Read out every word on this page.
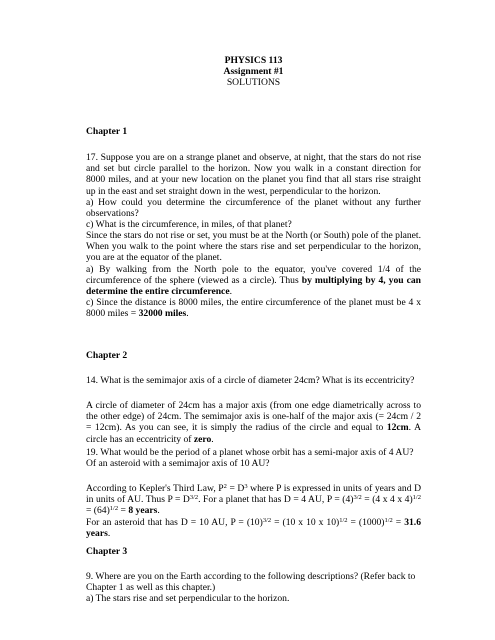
PHYSICS 113
Assignment #1
SOLUTIONS

Chapter 1

17. Suppose you are on a strange planet and observe, at night, that the stars do not rise and set but circle parallel to the horizon. Now you walk in a constant direction for 8000 miles, and at your new location on the planet you find that all stars rise straight up in the east and set straight down in the west, perpendicular to the horizon.
a) How could you determine the circumference of the planet without any further observations?
c) What is the circumference, in miles, of that planet?
Since the stars do not rise or set, you must be at the North (or South) pole of the planet. When you walk to the point where the stars rise and set perpendicular to the horizon, you are at the equator of the planet.
a) By walking from the North pole to the equator, you've covered 1/4 of the circumference of the sphere (viewed as a circle). Thus by multiplying by 4, you can determine the entire circumference.
c) Since the distance is 8000 miles, the entire circumference of the planet must be 4 x 8000 miles = 32000 miles.

Chapter 2

14. What is the semimajor axis of a circle of diameter 24cm? What is its eccentricity?

A circle of diameter of 24cm has a major axis (from one edge diametrically across to the other edge) of 24cm. The semimajor axis is one-half of the major axis (= 24cm / 2 = 12cm). As you can see, it is simply the radius of the circle and equal to 12cm. A circle has an eccentricity of zero.

19. What would be the period of a planet whose orbit has a semi-major axis of 4 AU? Of an asteroid with a semimajor axis of 10 AU?

According to Kepler's Third Law, $P^2 = D^3$ where P is expressed in units of years and D in units of AU. Thus $P = D^{3/2}$. For a planet that has D = 4 AU, $P = (4)^{3/2} = (4$ x 4 x $4)^{1/2} = (64)^{1/2} = 8$ years.
For an asteroid that has D = 10 AU, $P = (10)^{3/2} = (10$ x 10 x $10)^{1/2} = (1000)^{1/2} = 31.6$ years.

Chapter 3

9. Where are you on the Earth according to the following descriptions? (Refer back to Chapter 1 as well as this chapter.)
a) The stars rise and set perpendicular to the horizon.
